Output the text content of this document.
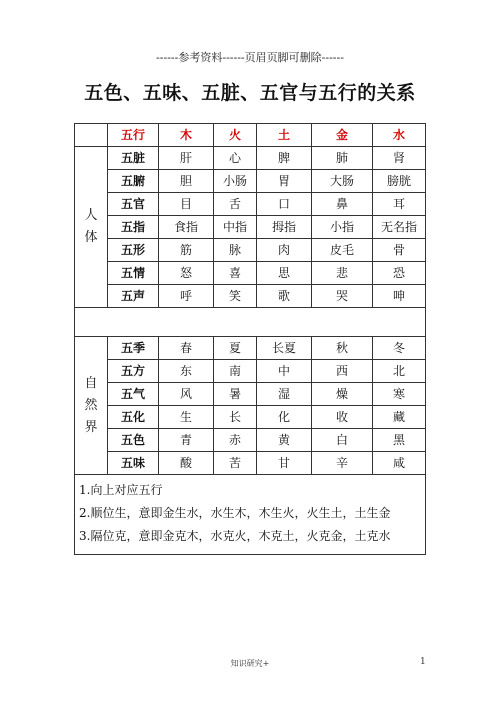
------参考资料------页眉页脚可删除------
五色、五味、五脏、五官与五行的关系
	五行	木	火	土	金	水

人
体	五脏	肝	心	脾	肺	肾
	五腑	胆	小肠	胃	大肠	膀胱
	五官	目	舌	口	鼻	耳
	五指	食指	中指	拇指	小指	无名指
	五形	筋	脉	肉	皮毛	骨
	五情	怒	喜	思	悲	恐
	五声	呼	笑	歌	哭	呻

自
然
界	五季	春	夏	长夏	秋	冬
	五方	东	南	中	西	北
	五气	风	暑	湿	燥	寒
	五化	生	长	化	收	藏
	五色	青	赤	黄	白	黑
	五味	酸	苦	甘	辛	咸

1.向上对应五行
2.顺位生，意即金生水，水生木，木生火，火生土，土生金
3.隔位克，意即金克木，水克火，木克土，火克金，土克水						
知识研究+	1
